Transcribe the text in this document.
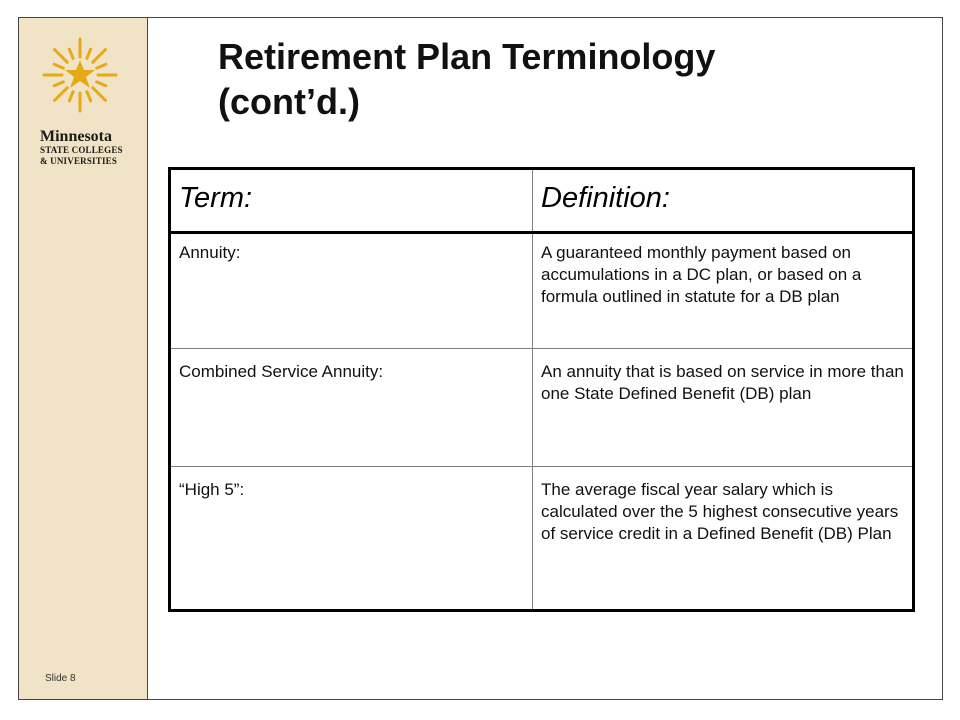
Minnesota
STATE COLLEGES
& UNIVERSITIES
Slide 8
Retirement Plan Terminology
(cont’d.)
Term:	Definition:
Annuity:	A guaranteed monthly payment based on accumulations in a DC plan, or based on a formula outlined in statute for a DB plan
Combined Service Annuity:	An annuity that is based on service in more than one State Defined Benefit (DB) plan
“High 5”:	The average fiscal year salary which is calculated over the 5 highest consecutive years of service credit in a Defined Benefit (DB) Plan
